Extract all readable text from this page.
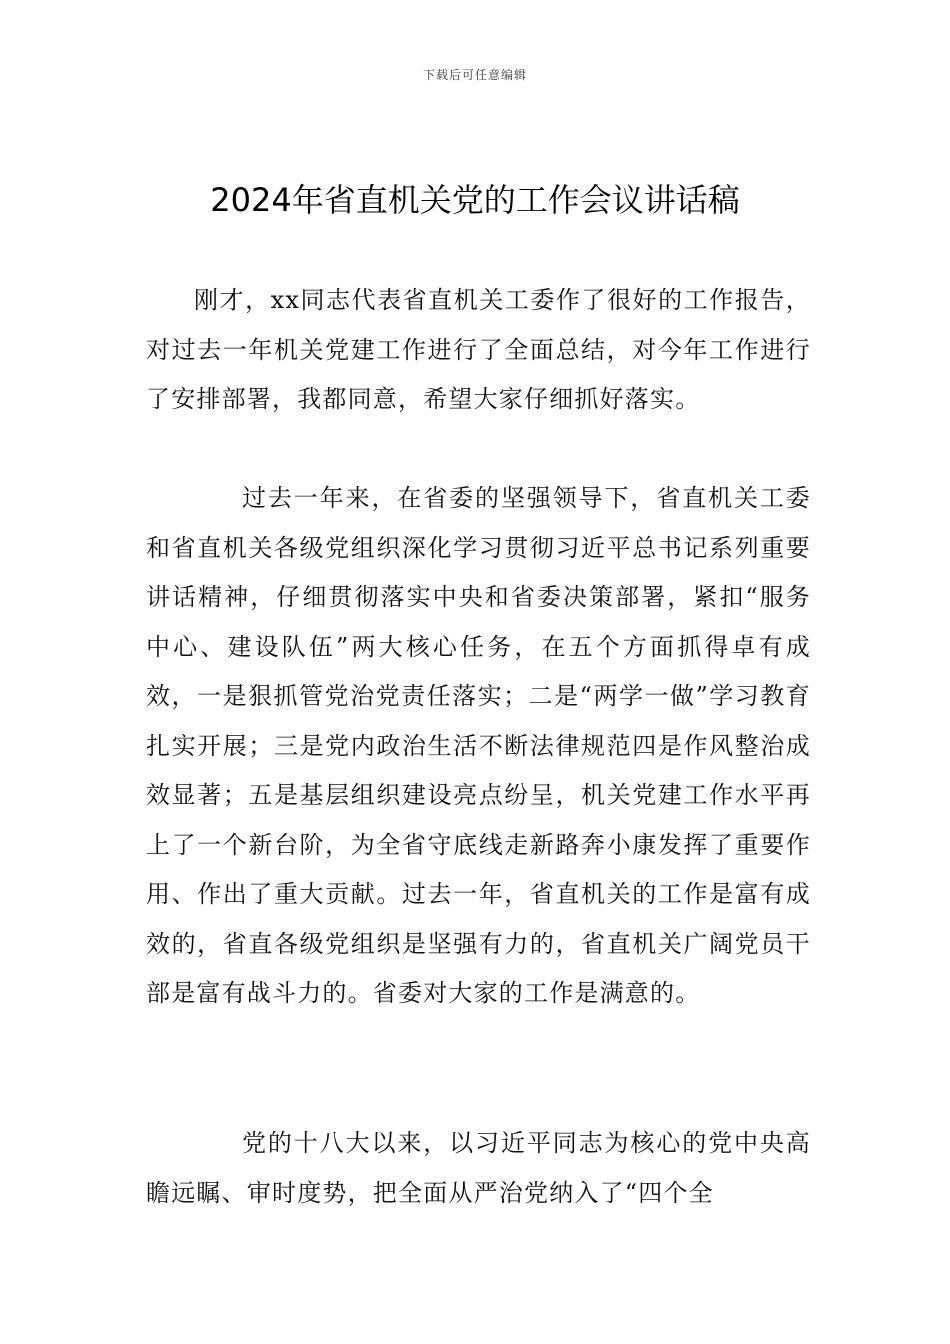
下载后可任意编辑
2024年省直机关党的工作会议讲话稿

刚才，xx同志代表省直机关工委作了很好的工作报告，对过去一年机关党建工作进行了全面总结，对今年工作进行了安排部署，我都同意，希望大家仔细抓好落实。

过去一年来，在省委的坚强领导下，省直机关工委和省直机关各级党组织深化学习贯彻习近平总书记系列重要讲话精神，仔细贯彻落实中央和省委决策部署，紧扣“服务中心、建设队伍”两大核心任务，在五个方面抓得卓有成效，一是狠抓管党治党责任落实；二是“两学一做”学习教育扎实开展；三是党内政治生活不断法律规范四是作风整治成效显著；五是基层组织建设亮点纷呈，机关党建工作水平再上了一个新台阶，为全省守底线走新路奔小康发挥了重要作用、作出了重大贡献。过去一年，省直机关的工作是富有成效的，省直各级党组织是坚强有力的，省直机关广阔党员干部是富有战斗力的。省委对大家的工作是满意的。

党的十八大以来，以习近平同志为核心的党中央高瞻远瞩、审时度势，把全面从严治党纳入了“四个全
